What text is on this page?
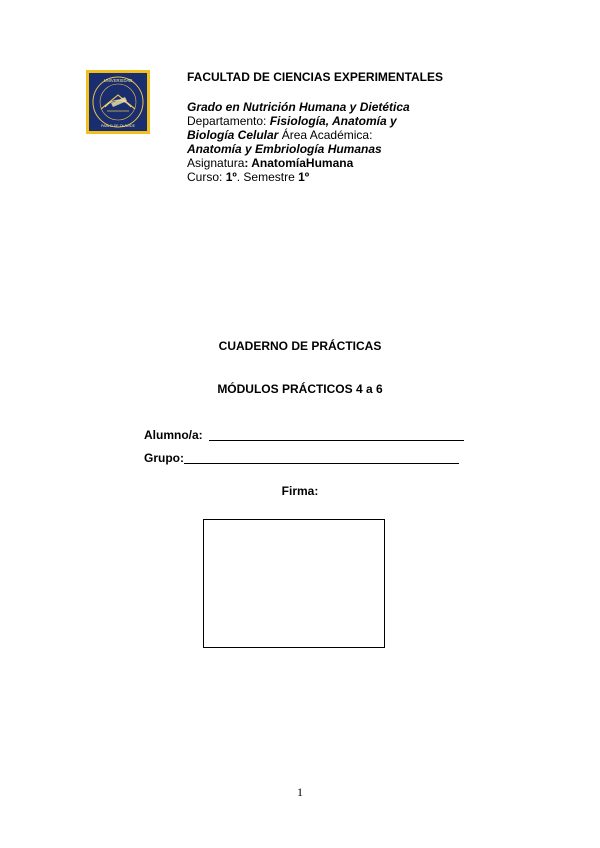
UNIVERSIDAD
PABLO DE OLAVIDE
FACULTAD DE CIENCIAS EXPERIMENTALES
Grado en Nutrición Humana y Dietética
Departamento: Fisiología, Anatomía y
Biología Celular Área Académica:
Anatomía y Embriología Humanas
Asignatura: AnatomíaHumana
Curso: 1º. Semestre 1º
CUADERNO DE PRÁCTICAS
MÓDULOS PRÁCTICOS 4 a 6
Alumno/a:
Grupo:
Firma:
1
